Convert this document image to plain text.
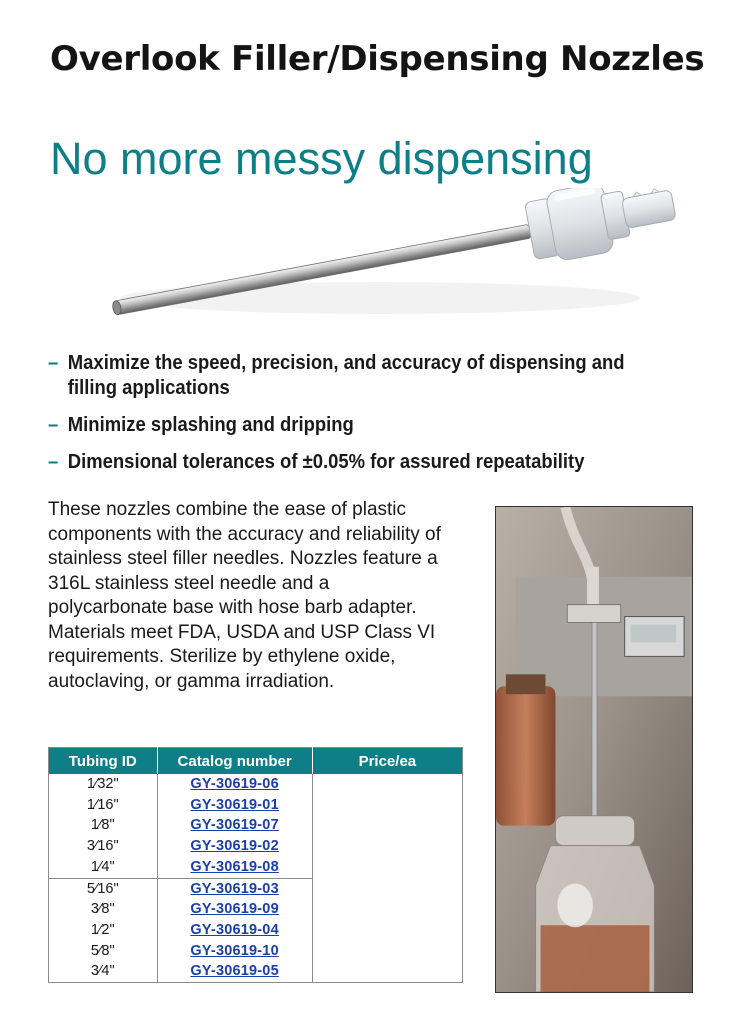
Overlook Filler/Dispensing Nozzles
No more messy dispensing
– Maximize the speed, precision, and accuracy of dispensing and filling applications
– Minimize splashing and dripping
– Dimensional tolerances of ±0.05% for assured repeatability

These nozzles combine the ease of plastic components with the accuracy and reliability of stainless steel filler needles. Nozzles feature a 316L stainless steel needle and a polycarbonate base with hose barb adapter. Materials meet FDA, USDA and USP Class VI requirements. Sterilize by ethylene oxide, autoclaving, or gamma irradiation.

Tubing ID	Catalog number	Price/ea
1⁄32"	GY-30619-06	
1⁄16"	GY-30619-01	
1⁄8"	GY-30619-07	
3⁄16"	GY-30619-02	
1⁄4"	GY-30619-08	
5⁄16"	GY-30619-03	
3⁄8"	GY-30619-09	
1⁄2"	GY-30619-04	
5⁄8"	GY-30619-10	
3⁄4"	GY-30619-05	
